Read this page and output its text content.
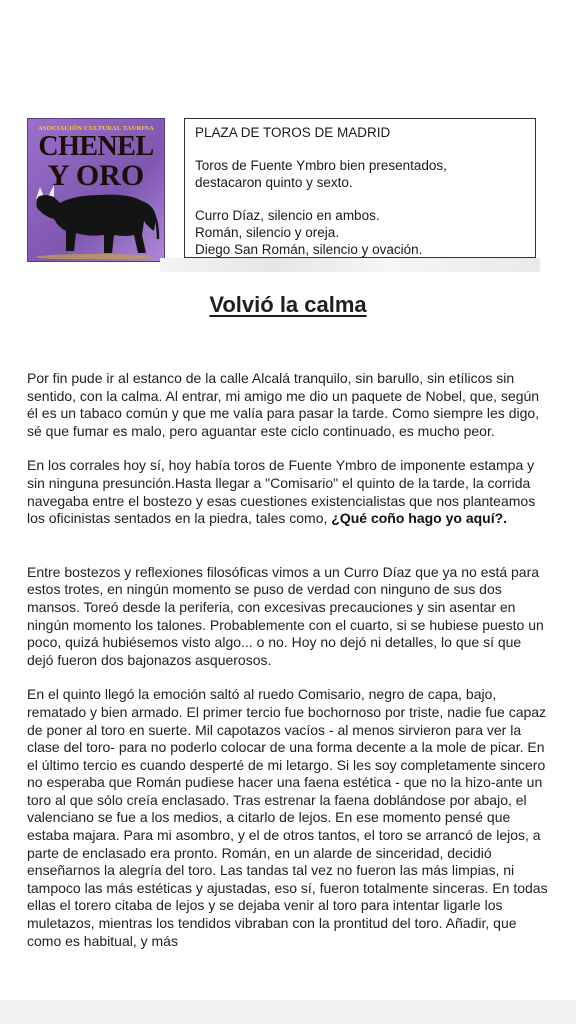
ASOCIACIÓN CULTURAL TAURINA
CHENEL
Y ORO

PLAZA DE TOROS DE MADRID

Toros de Fuente Ymbro bien presentados,

destacaron quinto y sexto.

Curro Díaz, silencio en ambos.

Román, silencio y oreja.

Diego San Román, silencio y ovación.

Volvió la calma

Por fin pude ir al estanco de la calle Alcalá tranquilo, sin barullo, sin etílicos sin sentido, con la calma. Al entrar, mi amigo me dio un paquete de Nobel, que, según él es un tabaco común y que me valía para pasar la tarde. Como siempre les digo, sé que fumar es malo, pero aguantar este ciclo continuado, es mucho peor.

En los corrales hoy sí, hoy había toros de Fuente Ymbro de imponente estampa y sin ninguna presunción.Hasta llegar a "Comisario" el quinto de la tarde, la corrida navegaba entre el bostezo y esas cuestiones existencialistas que nos planteamos los oficinistas sentados en la piedra, tales como, ¿Qué coño hago yo aquí?.

Entre bostezos y reflexiones filosóficas vimos a un Curro Díaz que ya no está para estos trotes, en ningún momento se puso de verdad con ninguno de sus dos mansos. Toreó desde la periferia, con excesivas precauciones y sin asentar en ningún momento los talones. Probablemente con el cuarto, si se hubiese puesto un poco, quizá hubiésemos visto algo... o no. Hoy no dejó ni detalles, lo que sí que dejó fueron dos bajonazos asquerosos.

En el quinto llegó la emoción saltó al ruedo Comisario, negro de capa, bajo, rematado y bien armado. El primer tercio fue bochornoso por triste, nadie fue capaz de poner al toro en suerte. Mil capotazos vacíos - al menos sirvieron para ver la clase del toro- para no poderlo colocar de una forma decente a la mole de picar. En el último tercio es cuando desperté de mi letargo. Si les soy completamente sincero no esperaba que Román pudiese hacer una faena estética - que no la hizo-ante un toro al que sólo creía enclasado. Tras estrenar la faena doblándose por abajo, el valenciano se fue a los medios, a citarlo de lejos. En ese momento pensé que estaba majara. Para mi asombro, y el de otros tantos, el toro se arrancó de lejos, a parte de enclasado era pronto. Román, en un alarde de sinceridad, decidió enseñarnos la alegría del toro. Las tandas tal vez no fueron las más limpias, ni tampoco las más estéticas y ajustadas, eso sí, fueron totalmente sinceras. En todas ellas el torero citaba de lejos y se dejaba venir al toro para intentar ligarle los muletazos, mientras los tendidos vibraban con la prontitud del toro. Añadir, que como es habitual, y más
